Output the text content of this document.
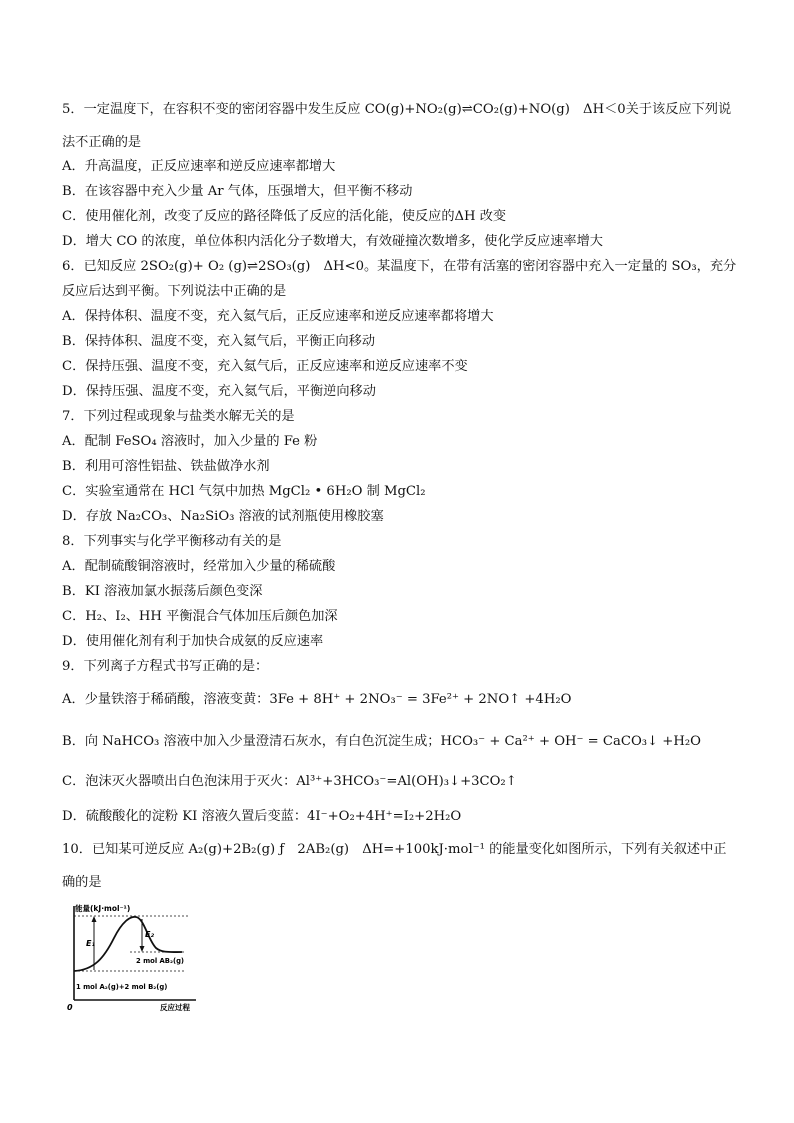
5．一定温度下，在容积不变的密闭容器中发生反应 CO(g)+NO₂(g)⇌CO₂(g)+NO(g)　ΔH＜0关于该反应下列说
法不正确的是
A．升高温度，正反应速率和逆反应速率都增大
B．在该容器中充入少量 Ar 气体，压强增大，但平衡不移动
C．使用催化剂，改变了反应的路径降低了反应的活化能，使反应的ΔH 改变
D．增大 CO 的浓度，单位体积内活化分子数增大，有效碰撞次数增多，使化学反应速率增大
6．已知反应 2SO₂(g)+ O₂ (g)⇌2SO₃(g)　ΔH<0。某温度下，在带有活塞的密闭容器中充入一定量的 SO₃，充分
反应后达到平衡。下列说法中正确的是
A．保持体积、温度不变，充入氦气后，正反应速率和逆反应速率都将增大
B．保持体积、温度不变，充入氦气后，平衡正向移动
C．保持压强、温度不变，充入氦气后，正反应速率和逆反应速率不变
D．保持压强、温度不变，充入氦气后，平衡逆向移动
7．下列过程或现象与盐类水解无关的是
A．配制 FeSO₄ 溶液时，加入少量的 Fe 粉
B．利用可溶性铝盐、铁盐做净水剂
C．实验室通常在 HCl 气氛中加热 MgCl₂ • 6H₂O 制 MgCl₂
D．存放 Na₂CO₃、Na₂SiO₃ 溶液的试剂瓶使用橡胶塞
8．下列事实与化学平衡移动有关的是
A．配制硫酸铜溶液时，经常加入少量的稀硫酸
B．KI 溶液加氯水振荡后颜色变深
C．H₂、I₂、HH 平衡混合气体加压后颜色加深
D．使用催化剂有利于加快合成氨的反应速率
9．下列离子方程式书写正确的是：
A．少量铁溶于稀硝酸，溶液变黄：3Fe + 8H⁺ + 2NO₃⁻ = 3Fe²⁺ + 2NO↑ +4H₂O
B．向 NaHCO₃ 溶液中加入少量澄清石灰水，有白色沉淀生成；HCO₃⁻ + Ca²⁺ + OH⁻ = CaCO₃↓ +H₂O
C．泡沫灭火器喷出白色泡沫用于灭火：Al³⁺+3HCO₃⁻=Al(OH)₃↓+3CO₂↑
D．硫酸酸化的淀粉 KI 溶液久置后变蓝：4I⁻+O₂+4H⁺=I₂+2H₂O
10．已知某可逆反应 A₂(g)+2B₂(g) ƒ　2AB₂(g)　ΔH=+100kJ·mol⁻¹ 的能量变化如图所示，下列有关叙述中正
确的是
能量(kJ·mol⁻¹)
E₁
E₂
2 mol AB₂(g)
1 mol A₂(g)+2 mol B₂(g)
0	反应过程
